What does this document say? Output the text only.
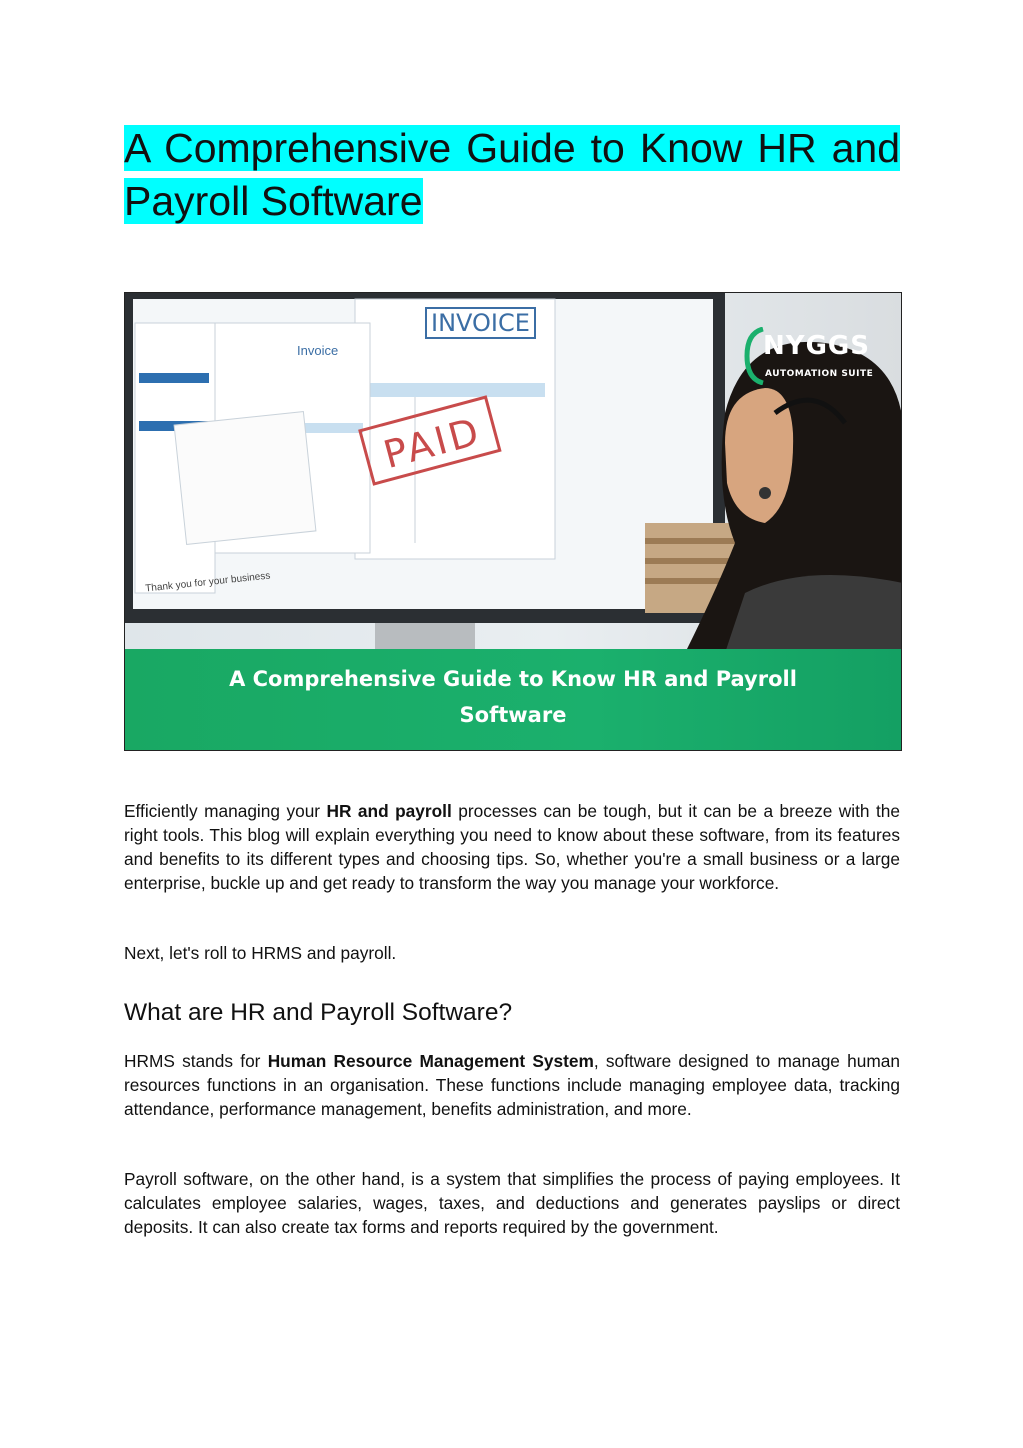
A Comprehensive Guide to Know HR and Payroll Software
NYGGS
AUTOMATION SUITE
A Comprehensive Guide to Know HR and Payroll
Software
INVOICE
Invoice
PAID
Thank you for your business

Efficiently managing your HR and payroll processes can be tough, but it can be a breeze with the right tools. This blog will explain everything you need to know about these software, from its features and benefits to its different types and choosing tips. So, whether you're a small business or a large enterprise, buckle up and get ready to transform the way you manage your workforce.

Next, let's roll to HRMS and payroll.

What are HR and Payroll Software?

HRMS stands for Human Resource Management System, software designed to manage human resources functions in an organisation. These functions include managing employee data, tracking attendance, performance management, benefits administration, and more.

Payroll software, on the other hand, is a system that simplifies the process of paying employees. It calculates employee salaries, wages, taxes, and deductions and generates payslips or direct deposits. It can also create tax forms and reports required by the government.
